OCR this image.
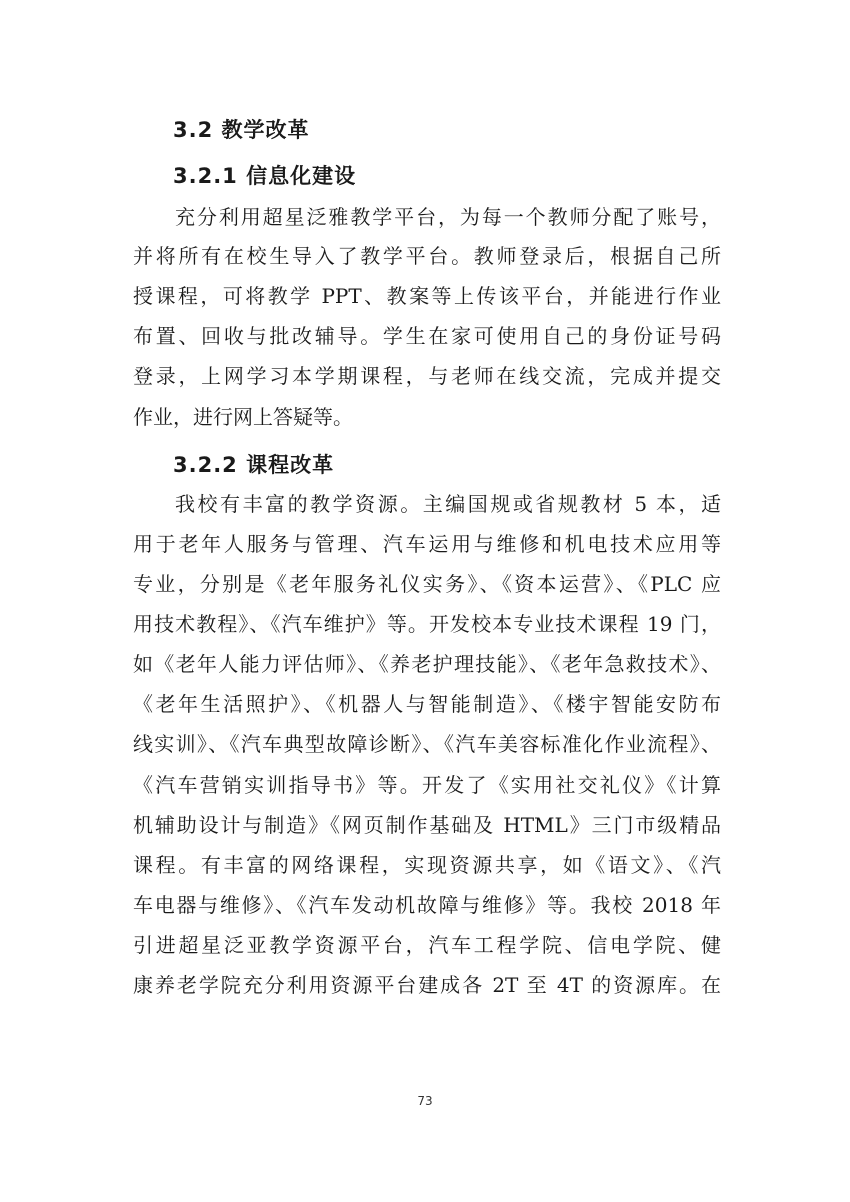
3.2 教学改革
3.2.1 信息化建设
充分利用超星泛雅教学平台，为每一个教师分配了账号，
并将所有在校生导入了教学平台。教师登录后，根据自己所
授课程，可将教学 PPT、教案等上传该平台，并能进行作业
布置、回收与批改辅导。学生在家可使用自己的身份证号码
登录，上网学习本学期课程，与老师在线交流，完成并提交
作业，进行网上答疑等。
3.2.2 课程改革
我校有丰富的教学资源。主编国规或省规教材 5 本，适
用于老年人服务与管理、汽车运用与维修和机电技术应用等
专业，分别是《老年服务礼仪实务》、《资本运营》、《PLC 应
用技术教程》、《汽车维护》等。开发校本专业技术课程 19 门，
如《老年人能力评估师》、《养老护理技能》、《老年急救技术》、
《老年生活照护》、《机器人与智能制造》、《楼宇智能安防布
线实训》、《汽车典型故障诊断》、《汽车美容标准化作业流程》、
《汽车营销实训指导书》等。开发了《实用社交礼仪》《计算
机辅助设计与制造》《网页制作基础及 HTML》三门市级精品
课程。有丰富的网络课程，实现资源共享，如《语文》、《汽
车电器与维修》、《汽车发动机故障与维修》等。我校 2018 年
引进超星泛亚教学资源平台，汽车工程学院、信电学院、健
康养老学院充分利用资源平台建成各 2T 至 4T 的资源库。在
73
